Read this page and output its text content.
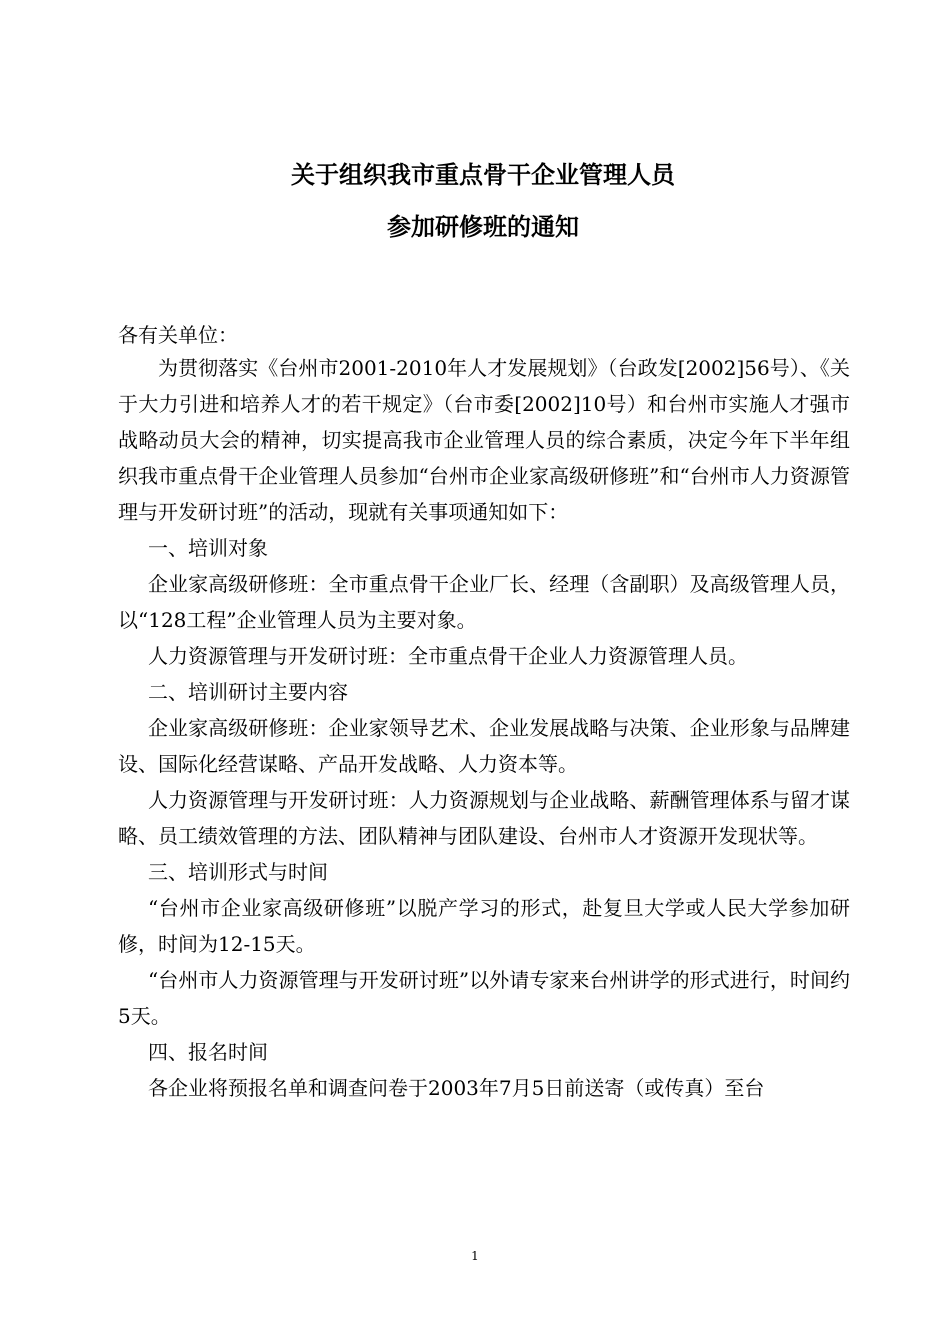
关于组织我市重点骨干企业管理人员
参加研修班的通知

各有关单位：

为贯彻落实《台州市2001-2010年人才发展规划》（台政发[2002]56号）、《关于大力引进和培养人才的若干规定》（台市委[2002]10号）和台州市实施人才强市战略动员大会的精神，切实提高我市企业管理人员的综合素质，决定今年下半年组织我市重点骨干企业管理人员参加“台州市企业家高级研修班”和“台州市人力资源管理与开发研讨班”的活动，现就有关事项通知如下：

一、培训对象

企业家高级研修班：全市重点骨干企业厂长、经理（含副职）及高级管理人员，以“128工程”企业管理人员为主要对象。

人力资源管理与开发研讨班：全市重点骨干企业人力资源管理人员。

二、培训研讨主要内容

企业家高级研修班：企业家领导艺术、企业发展战略与决策、企业形象与品牌建设、国际化经营谋略、产品开发战略、人力资本等。

人力资源管理与开发研讨班：人力资源规划与企业战略、薪酬管理体系与留才谋略、员工绩效管理的方法、团队精神与团队建设、台州市人才资源开发现状等。

三、培训形式与时间

“台州市企业家高级研修班”以脱产学习的形式，赴复旦大学或人民大学参加研修，时间为12-15天。

“台州市人力资源管理与开发研讨班”以外请专家来台州讲学的形式进行，时间约5天。

四、报名时间

各企业将预报名单和调查问卷于2003年7月5日前送寄（或传真）至台

1
